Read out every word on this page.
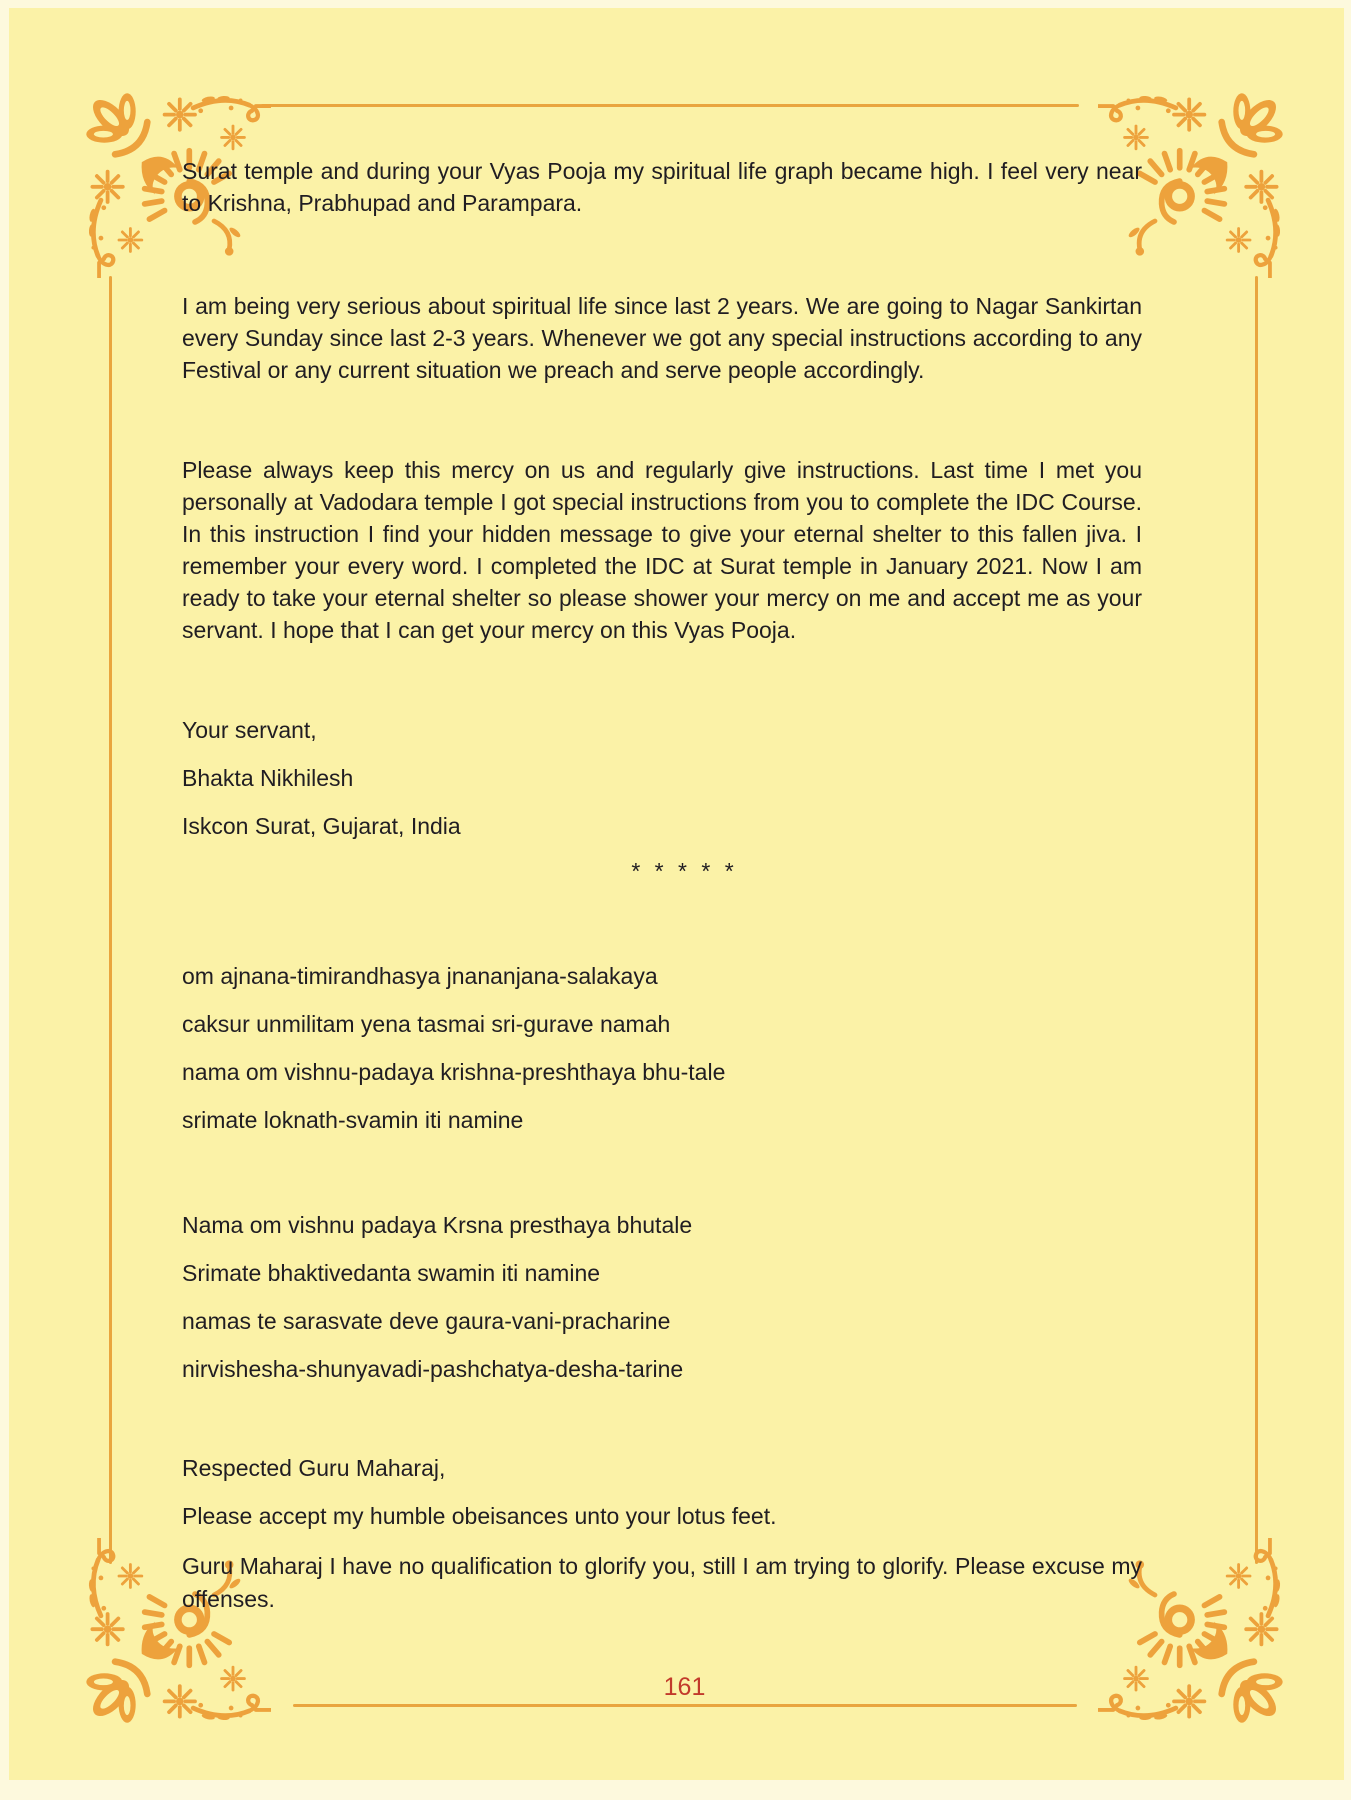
Surat temple and during your Vyas Pooja my spiritual life graph became high. I feel very near to Krishna, Prabhupad and Parampara.
I am being very serious about spiritual life since last 2 years. We are going to Nagar Sankirtan every Sunday since last 2-3 years. Whenever we got any special instructions according to any Festival or any current situation we preach and serve people accordingly.
Please always keep this mercy on us and regularly give instructions. Last time I met you personally at Vadodara temple I got special instructions from you to complete the IDC Course. In this instruction I find your hidden message to give your eternal shelter to this fallen jiva. I remember your every word. I completed the IDC at Surat temple in January 2021. Now I am ready to take your eternal shelter so please shower your mercy on me and accept me as your servant. I hope that I can get your mercy on this Vyas Pooja.
Your servant,
Bhakta Nikhilesh
Iskcon Surat, Gujarat, India
* * * * *
om ajnana-timirandhasya jnananjana-salakaya
caksur unmilitam yena tasmai sri-gurave namah
nama om vishnu-padaya krishna-preshthaya bhu-tale
srimate loknath-svamin iti namine
Nama om vishnu padaya Krsna presthaya bhutale
Srimate bhaktivedanta swamin iti namine
namas te sarasvate deve gaura-vani-pracharine
nirvishesha-shunyavadi-pashchatya-desha-tarine
Respected Guru Maharaj,
Please accept my humble obeisances unto your lotus feet.
Guru Maharaj I have no qualification to glorify you, still I am trying to glorify. Please excuse my offenses.
161
